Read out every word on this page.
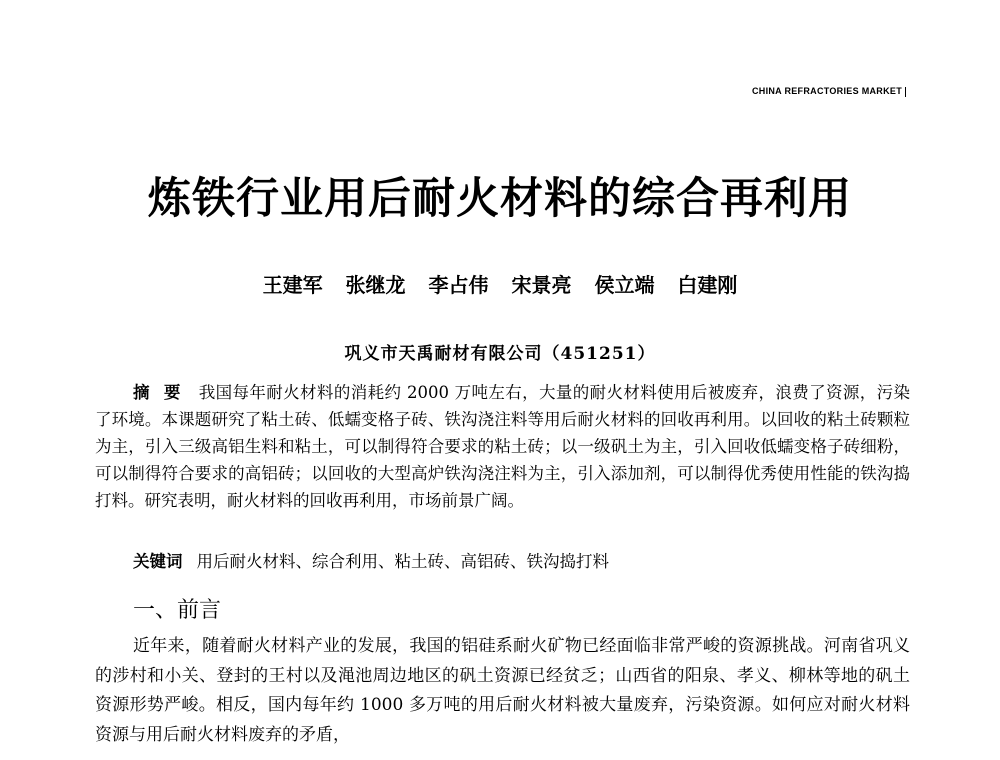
CHINA REFRACTORIES MARKET
炼铁行业用后耐火材料的综合再利用
王建军 张继龙 李占伟 宋景亮 侯立端 白建刚
巩义市天禹耐材有限公司（451251）
摘要 我国每年耐火材料的消耗约 2000 万吨左右，大量的耐火材料使用后被废弃，浪费了资源，污染了环境。本课题研究了粘土砖、低蠕变格子砖、铁沟浇注料等用后耐火材料的回收再利用。以回收的粘土砖颗粒为主，引入三级高铝生料和粘土，可以制得符合要求的粘土砖；以一级矾土为主，引入回收低蠕变格子砖细粉，可以制得符合要求的高铝砖；以回收的大型高炉铁沟浇注料为主，引入添加剂，可以制得优秀使用性能的铁沟捣打料。研究表明，耐火材料的回收再利用，市场前景广阔。
关键词 用后耐火材料、综合利用、粘土砖、高铝砖、铁沟捣打料
一、前言
近年来，随着耐火材料产业的发展，我国的铝硅系耐火矿物已经面临非常严峻的资源挑战。河南省巩义的涉村和小关、登封的王村以及渑池周边地区的矾土资源已经贫乏；山西省的阳泉、孝义、柳林等地的矾土资源形势严峻。相反，国内每年约 1000 多万吨的用后耐火材料被大量废弃，污染资源。如何应对耐火材料资源与用后耐火材料废弃的矛盾，
